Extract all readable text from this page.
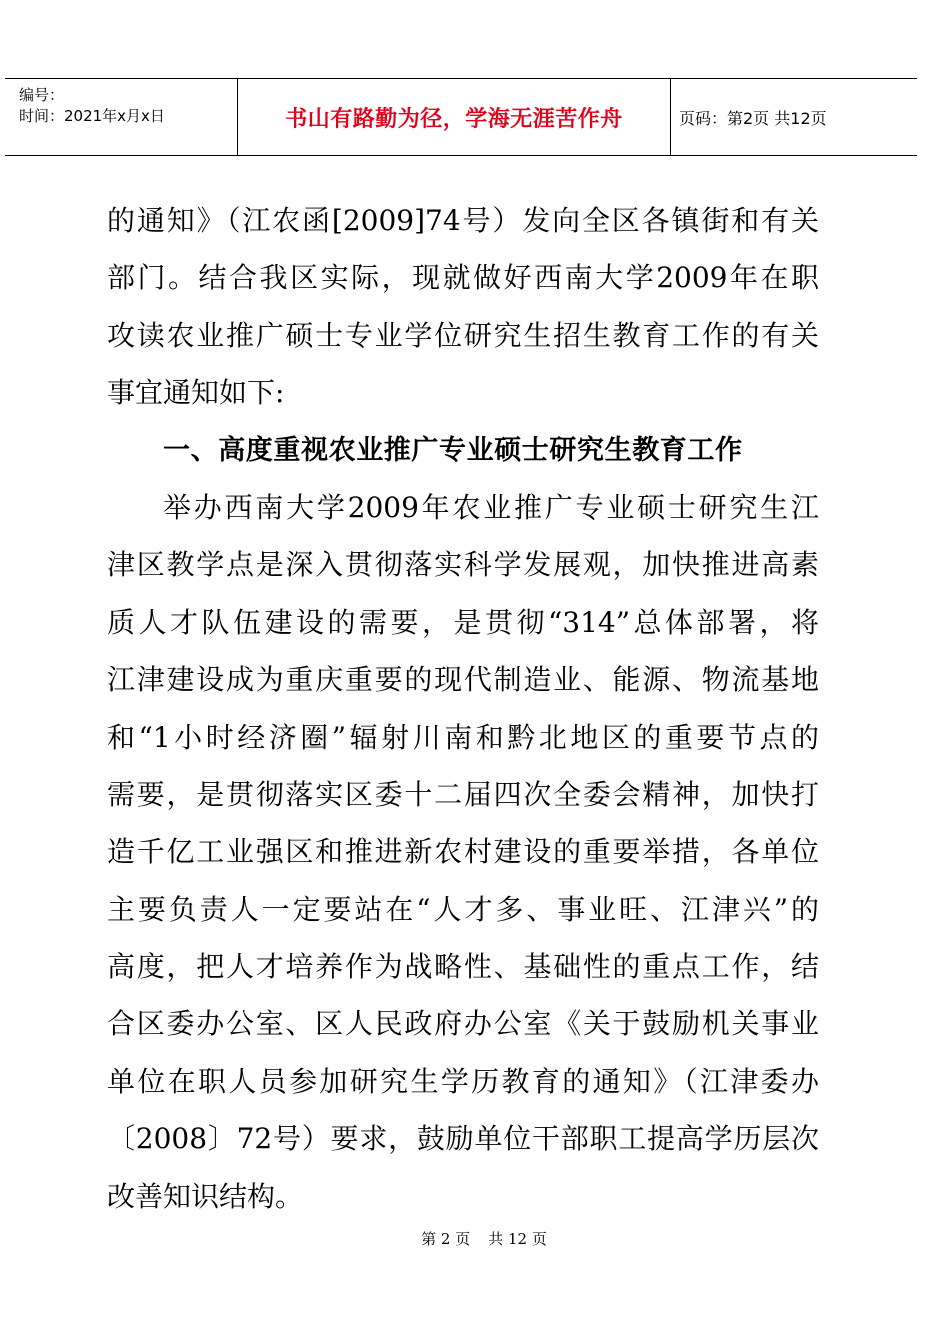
编号：
时间：2021年x月x日	书山有路勤为径，学海无涯苦作舟	页码：第2页 共12页
的通知》（江农函[2009]74号）发向全区各镇街和有关
部门。结合我区实际，现就做好西南大学2009年在职
攻读农业推广硕士专业学位研究生招生教育工作的有关
事宜通知如下:
一、高度重视农业推广专业硕士研究生教育工作
举办西南大学2009年农业推广专业硕士研究生江
津区教学点是深入贯彻落实科学发展观，加快推进高素
质人才队伍建设的需要，是贯彻“314”总体部署，将
江津建设成为重庆重要的现代制造业、能源、物流基地
和“1小时经济圈”辐射川南和黔北地区的重要节点的
需要，是贯彻落实区委十二届四次全委会精神，加快打
造千亿工业强区和推进新农村建设的重要举措，各单位
主要负责人一定要站在“人才多、事业旺、江津兴”的
高度，把人才培养作为战略性、基础性的重点工作，结
合区委办公室、区人民政府办公室《关于鼓励机关事业
单位在职人员参加研究生学历教育的通知》（江津委办
〔2008〕72号）要求，鼓励单位干部职工提高学历层次
改善知识结构。
第 2 页 共 12 页
